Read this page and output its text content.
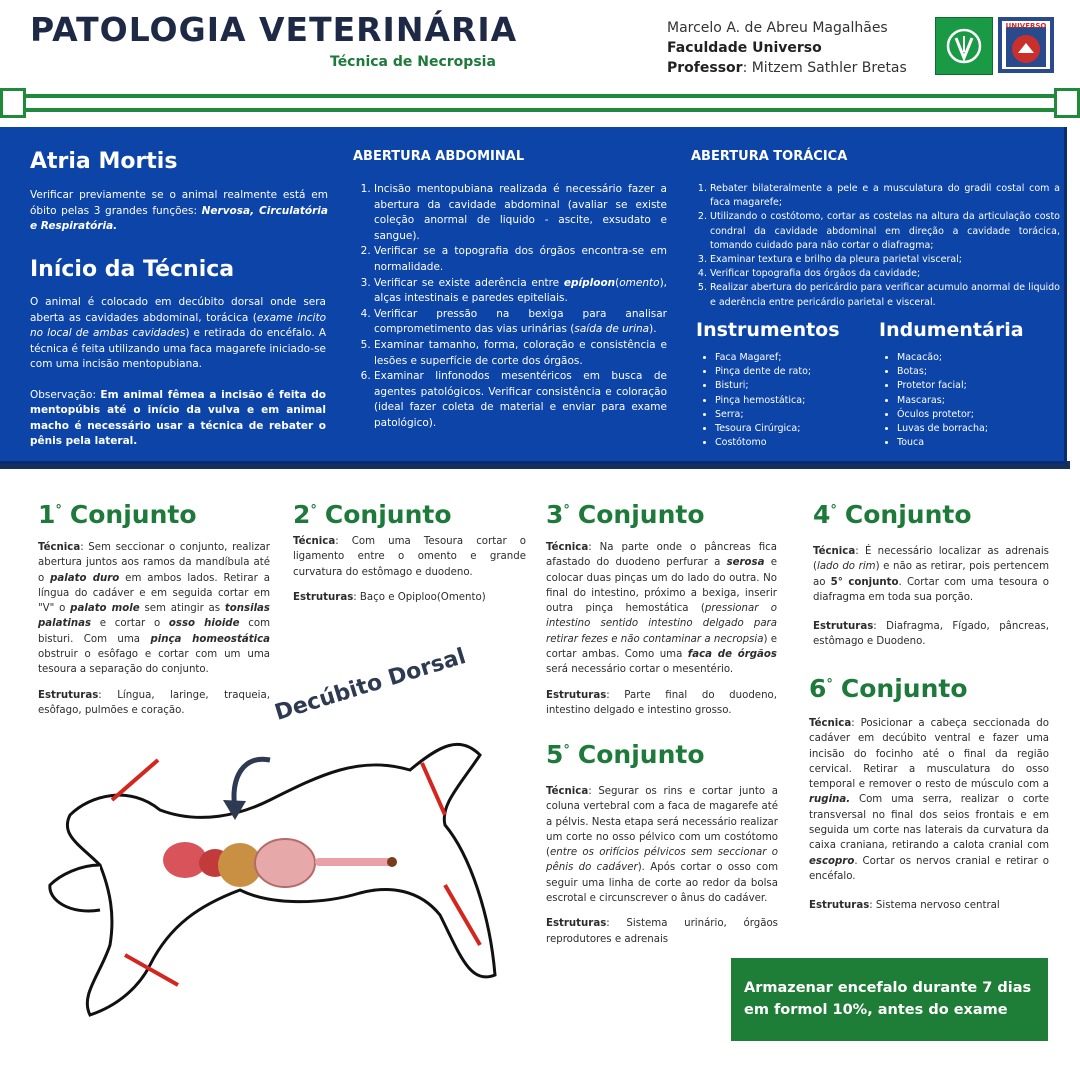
PATOLOGIA VETERINÁRIA
Técnica de Necropsia
Marcelo A. de Abreu Magalhães
Faculdade Universo
Professor: Mitzem Sathler Bretas
UNIVERSO
Atria Mortis
Verificar previamente se o animal realmente está em óbito pelas 3 grandes funções: Nervosa, Circulatória e Respiratória.
Início da Técnica
O animal é colocado em decúbito dorsal onde sera aberta as cavidades abdominal, torácica (exame incito no local de ambas cavidades) e retirada do encéfalo. A técnica é feita utilizando uma faca magarefe iniciado-se com uma incisão mentopubiana.
Observação: Em animal fêmea a incisão é feita do mentopúbis até o início da vulva e em animal macho é necessário usar a técnica de rebater o pênis pela lateral.
ABERTURA ABDOMINAL
1. Incisão mentopubiana realizada é necessário fazer a abertura da cavidade abdominal (avaliar se existe coleção anormal de liquido - ascite, exsudato e sangue).
2. Verificar se a topografia dos órgãos encontra-se em normalidade.
3. Verificar se existe aderência entre epíploon(omento), alças intestinais e paredes epiteliais.
4. Verificar pressão na bexiga para analisar comprometimento das vias urinárias (saída de urina).
5. Examinar tamanho, forma, coloração e consistência e lesões e superfície de corte dos órgãos.
6. Examinar linfonodos mesentéricos em busca de agentes patológicos. Verificar consistência e coloração (ideal fazer coleta de material e enviar para exame patológico).
ABERTURA TORÁCICA
1. Rebater bilateralmente a pele e a musculatura do gradil costal com a faca magarefe;
2. Utilizando o costótomo, cortar as costelas na altura da articulação costo condral da cavidade abdominal em direção a cavidade torácica, tomando cuidado para não cortar o diafragma;
3. Examinar textura e brilho da pleura parietal visceral;
4. Verificar topografia dos órgãos da cavidade;
5. Realizar abertura do pericárdio para verificar acumulo anormal de liquido e aderência entre pericárdio parietal e visceral.
Instrumentos
• Faca Magaref;
• Pinça dente de rato;
• Bisturi;
• Pinça hemostática;
• Serra;
• Tesoura Cirúrgica;
• Costótomo
Indumentária
• Macacão;
• Botas;
• Protetor facial;
• Mascaras;
• Óculos protetor;
• Luvas de borracha;
• Touca
1° Conjunto

Técnica: Sem seccionar o conjunto, realizar abertura juntos aos ramos da mandíbula até o palato duro em ambos lados. Retirar a língua do cadáver e em seguida cortar em "V" o palato mole sem atingir as tonsilas palatinas e cortar o osso hioide com bisturi. Com uma pinça homeostática obstruir o esôfago e cortar com um uma tesoura a separação do conjunto.

Estruturas: Língua, laringe, traqueia, esôfago, pulmões e coração.

2° Conjunto

Técnica: Com uma Tesoura cortar o ligamento entre o omento e grande curvatura do estômago e duodeno.

Estruturas: Baço e Opiploo(Omento)

3° Conjunto

Técnica: Na parte onde o pâncreas fica afastado do duodeno perfurar a serosa e colocar duas pinças um do lado do outra. No final do intestino, próximo a bexiga, inserir outra pinça hemostática (pressionar o intestino sentido intestino delgado para retirar fezes e não contaminar a necropsia) e cortar ambas. Como uma faca de órgãos será necessário cortar o mesentério.

Estruturas: Parte final do duodeno, intestino delgado e intestino grosso.

4° Conjunto

Técnica: É necessário localizar as adrenais (lado do rim) e não as retirar, pois pertencem ao 5° conjunto. Cortar com uma tesoura o diafragma em toda sua porção.

Estruturas: Diafragma, Fígado, pâncreas, estômago e Duodeno.

5° Conjunto

Técnica: Segurar os rins e cortar junto a coluna vertebral com a faca de magarefe até a pélvis. Nesta etapa será necessário realizar um corte no osso pélvico com um costótomo (entre os orifícios pélvicos sem seccionar o pênis do cadáver). Após cortar o osso com seguir uma linha de corte ao redor da bolsa escrotal e circunscrever o ânus do cadáver.

Estruturas: Sistema urinário, órgãos reprodutores e adrenais

6° Conjunto

Técnica: Posicionar a cabeça seccionada do cadáver em decúbito ventral e fazer uma incisão do focinho até o final da região cervical. Retirar a musculatura do osso temporal e remover o resto de músculo com a rugina. Com uma serra, realizar o corte transversal no final dos seios frontais e em seguida um corte nas laterais da curvatura da caixa craniana, retirando a calota cranial com escopro. Cortar os nervos cranial e retirar o encéfalo.

Estruturas: Sistema nervoso central

Decúbito Dorsal
Armazenar encefalo durante 7 dias em formol 10%, antes do exame
